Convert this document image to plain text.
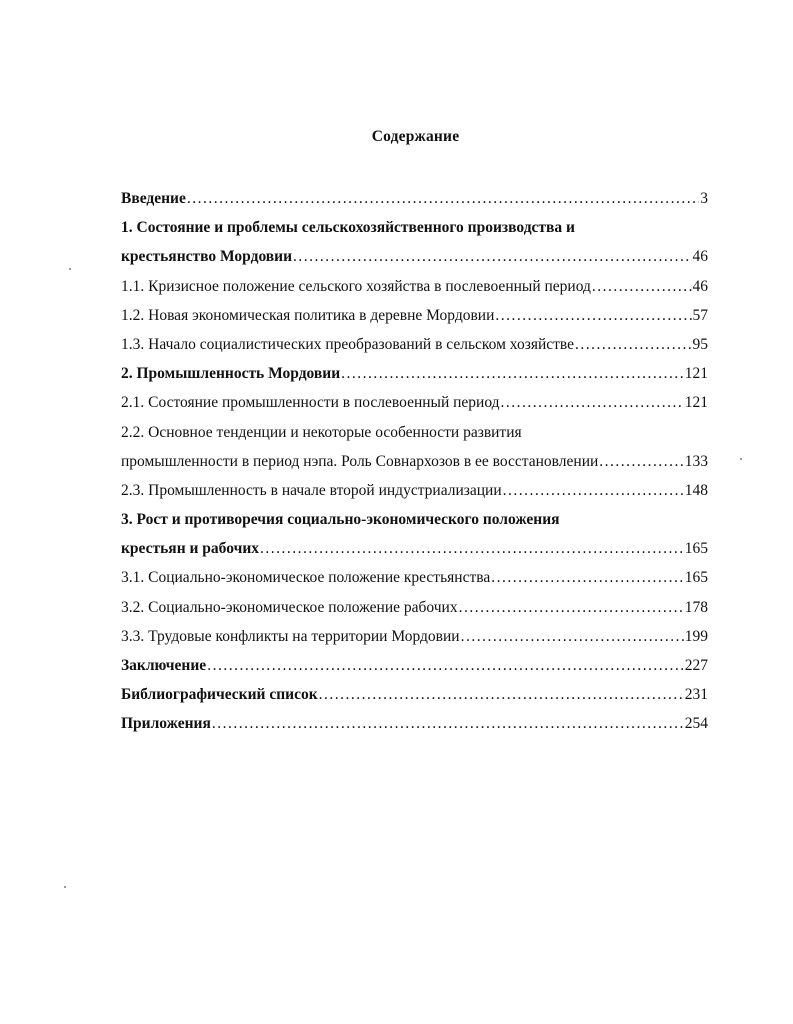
Содержание
Введение .....	3
1. Состояние и проблемы сельскохозяйственного производства и
крестьянство Мордовии .....	46
1.1. Кризисное положение сельского хозяйства в послевоенный период .....	46
1.2. Новая экономическая политика в деревне Мордовии .....	57
1.3. Начало социалистических преобразований в сельском хозяйстве .....	95
2. Промышленность Мордовии .....	121
2.1. Состояние промышленности в послевоенный период .....	121
2.2. Основное тенденции и некоторые особенности развития
промышленности в период нэпа. Роль Совнархозов в ее восстановлении .....	133
2.3. Промышленность в начале второй индустриализации .....	148
3. Рост и противоречия социально-экономического положения
крестьян и рабочих .....	165
3.1. Социально-экономическое положение крестьянства .....	165
3.2. Социально-экономическое положение рабочих .....	178
3.3. Трудовые конфликты на территории Мордовии .....	199
Заключение .....	227
Библиографический список .....	231
Приложения .....	254
